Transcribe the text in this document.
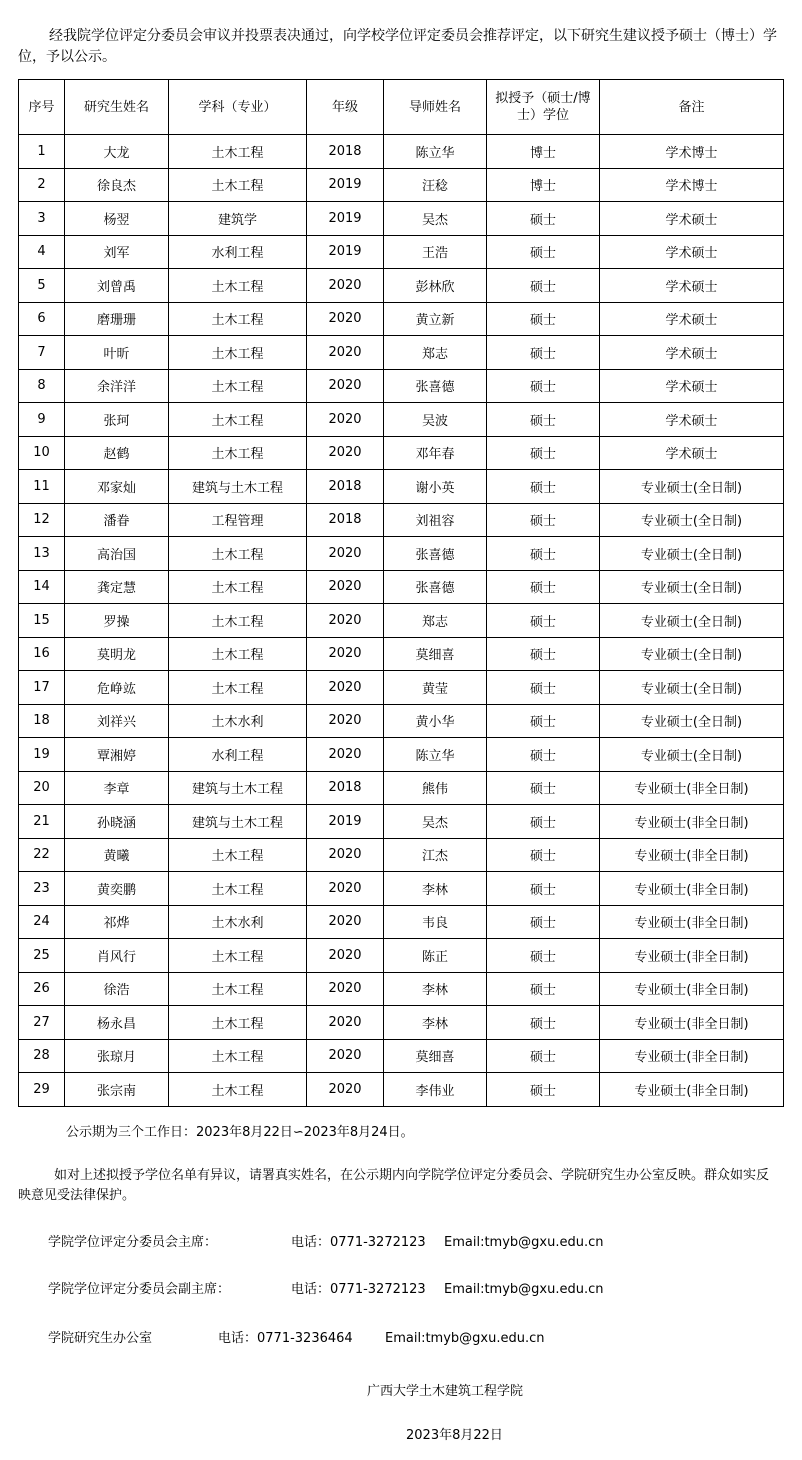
经我院学位评定分委员会审议并投票表决通过，向学校学位评定委员会推荐评定，以下研究生建议授予硕士（博士）学位，予以公示。

序号	研究生姓名	学科（专业）	年级	导师姓名	拟授予（硕士/博士）学位	备注
1	大龙	土木工程	2018	陈立华	博士	学术博士
2	徐良杰	土木工程	2019	汪稔	博士	学术博士
3	杨翌	建筑学	2019	吴杰	硕士	学术硕士
4	刘军	水利工程	2019	王浩	硕士	学术硕士
5	刘曾禹	土木工程	2020	彭林欣	硕士	学术硕士
6	磨珊珊	土木工程	2020	黄立新	硕士	学术硕士
7	叶昕	土木工程	2020	郑志	硕士	学术硕士
8	余洋洋	土木工程	2020	张喜德	硕士	学术硕士
9	张珂	土木工程	2020	吴波	硕士	学术硕士
10	赵鹤	土木工程	2020	邓年春	硕士	学术硕士
11	邓家灿	建筑与土木工程	2018	谢小英	硕士	专业硕士(全日制)
12	潘眷	工程管理	2018	刘祖容	硕士	专业硕士(全日制)
13	高治国	土木工程	2020	张喜德	硕士	专业硕士(全日制)
14	龚定慧	土木工程	2020	张喜德	硕士	专业硕士(全日制)
15	罗操	土木工程	2020	郑志	硕士	专业硕士(全日制)
16	莫明龙	土木工程	2020	莫细喜	硕士	专业硕士(全日制)
17	危峥竑	土木工程	2020	黄莹	硕士	专业硕士(全日制)
18	刘祥兴	土木水利	2020	黄小华	硕士	专业硕士(全日制)
19	覃湘婷	水利工程	2020	陈立华	硕士	专业硕士(全日制)
20	李章	建筑与土木工程	2018	熊伟	硕士	专业硕士(非全日制)
21	孙晓涵	建筑与土木工程	2019	吴杰	硕士	专业硕士(非全日制)
22	黄曦	土木工程	2020	江杰	硕士	专业硕士(非全日制)
23	黄奕鹏	土木工程	2020	李林	硕士	专业硕士(非全日制)
24	祁烨	土木水利	2020	韦良	硕士	专业硕士(非全日制)
25	肖风行	土木工程	2020	陈正	硕士	专业硕士(非全日制)
26	徐浩	土木工程	2020	李林	硕士	专业硕士(非全日制)
27	杨永昌	土木工程	2020	李林	硕士	专业硕士(非全日制)
28	张琼月	土木工程	2020	莫细喜	硕士	专业硕士(非全日制)
29	张宗南	土木工程	2020	李伟业	硕士	专业硕士(非全日制)

公示期为三个工作日：2023年8月22日∽2023年8月24日。

如对上述拟授予学位名单有异议，请署真实姓名，在公示期内向学院学位评定分委员会、学院研究生办公室反映。群众如实反映意见受法律保护。

学院学位评定分委员会主席：	电话：0771-3272123 Email:tmyb@gxu.edu.cn
学院学位评定分委员会副主席：	电话：0771-3272123 Email:tmyb@gxu.edu.cn
学院研究生办公室	电话：0771-3236464 Email:tmyb@gxu.edu.cn

广西大学土木建筑工程学院

2023年8月22日
